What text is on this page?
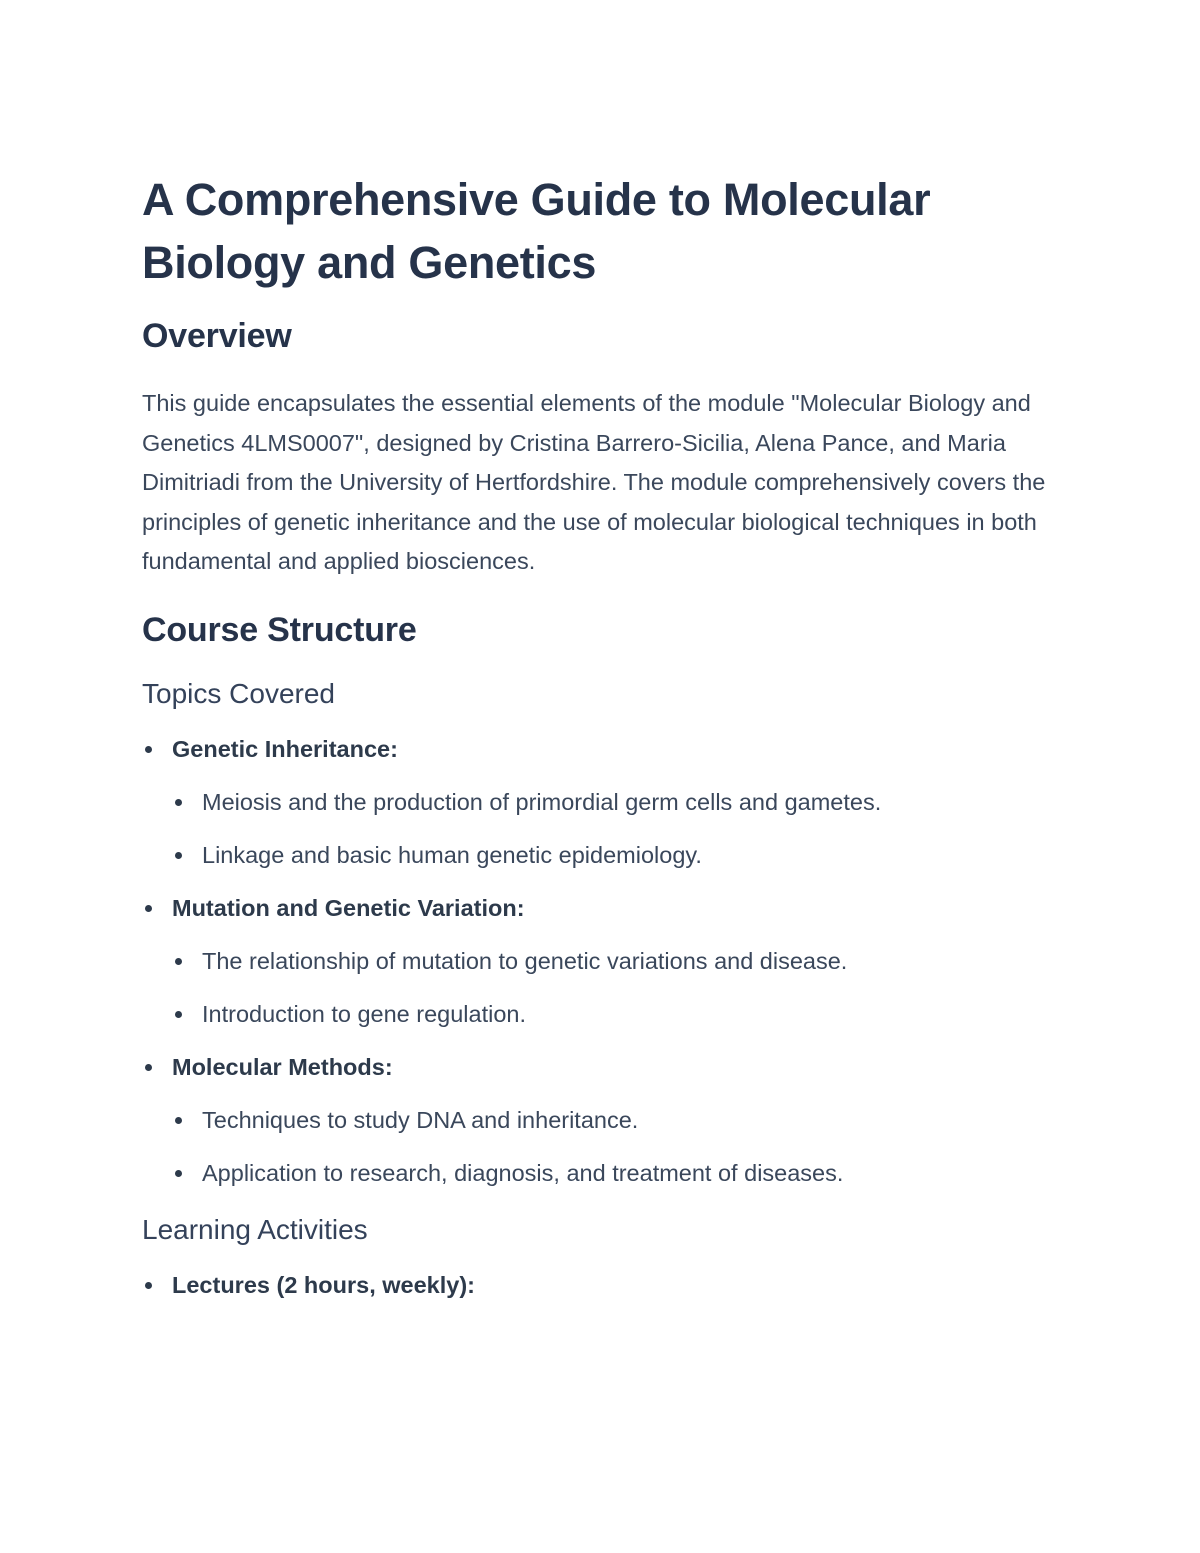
A Comprehensive Guide to Molecular Biology and Genetics
Overview

This guide encapsulates the essential elements of the module "Molecular Biology and Genetics 4LMS0007", designed by Cristina Barrero-Sicilia, Alena Pance, and Maria Dimitriadi from the University of Hertfordshire. The module comprehensively covers the principles of genetic inheritance and the use of molecular biological techniques in both fundamental and applied biosciences.

Course Structure
Topics Covered
Genetic Inheritance:
Meiosis and the production of primordial germ cells and gametes.
Linkage and basic human genetic epidemiology.
Mutation and Genetic Variation:
The relationship of mutation to genetic variations and disease.
Introduction to gene regulation.
Molecular Methods:
Techniques to study DNA and inheritance.
Application to research, diagnosis, and treatment of diseases.
Learning Activities
Lectures (2 hours, weekly):
